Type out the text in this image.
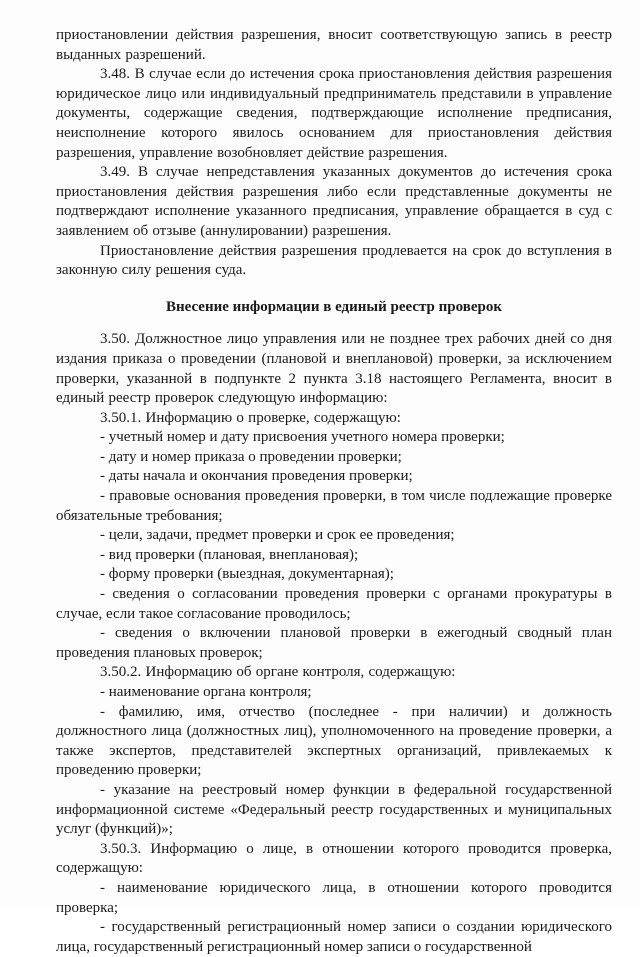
приостановлении действия разрешения, вносит соответствующую запись в реестр выданных разрешений.

3.48. В случае если до истечения срока приостановления действия разрешения юридическое лицо или индивидуальный предприниматель представили в управление документы, содержащие сведения, подтверждающие исполнение предписания, неисполнение которого явилось основанием для приостановления действия разрешения, управление возобновляет действие разрешения.

3.49. В случае непредставления указанных документов до истечения срока приостановления действия разрешения либо если представленные документы не подтверждают исполнение указанного предписания, управление обращается в суд с заявлением об отзыве (аннулировании) разрешения.

Приостановление действия разрешения продлевается на срок до вступления в законную силу решения суда.

Внесение информации в единый реестр проверок

3.50. Должностное лицо управления или не позднее трех рабочих дней со дня издания приказа о проведении (плановой и внеплановой) проверки, за исключением проверки, указанной в подпункте 2 пункта 3.18 настоящего Регламента, вносит в единый реестр проверок следующую информацию:

3.50.1. Информацию о проверке, содержащую:

- учетный номер и дату присвоения учетного номера проверки;

- дату и номер приказа о проведении проверки;

- даты начала и окончания проведения проверки;

- правовые основания проведения проверки, в том числе подлежащие проверке обязательные требования;

- цели, задачи, предмет проверки и срок ее проведения;

- вид проверки (плановая, внеплановая);

- форму проверки (выездная, документарная);

- сведения о согласовании проведения проверки с органами прокуратуры в случае, если такое согласование проводилось;

- сведения о включении плановой проверки в ежегодный сводный план проведения плановых проверок;

3.50.2. Информацию об органе контроля, содержащую:

- наименование органа контроля;

- фамилию, имя, отчество (последнее - при наличии) и должность должностного лица (должностных лиц), уполномоченного на проведение проверки, а также экспертов, представителей экспертных организаций, привлекаемых к проведению проверки;

- указание на реестровый номер функции в федеральной государственной информационной системе «Федеральный реестр государственных и муниципальных услуг (функций)»;

3.50.3. Информацию о лице, в отношении которого проводится проверка, содержащую:

- наименование юридического лица, в отношении которого проводится проверка;

- государственный регистрационный номер записи о создании юридического лица, государственный регистрационный номер записи о государственной
